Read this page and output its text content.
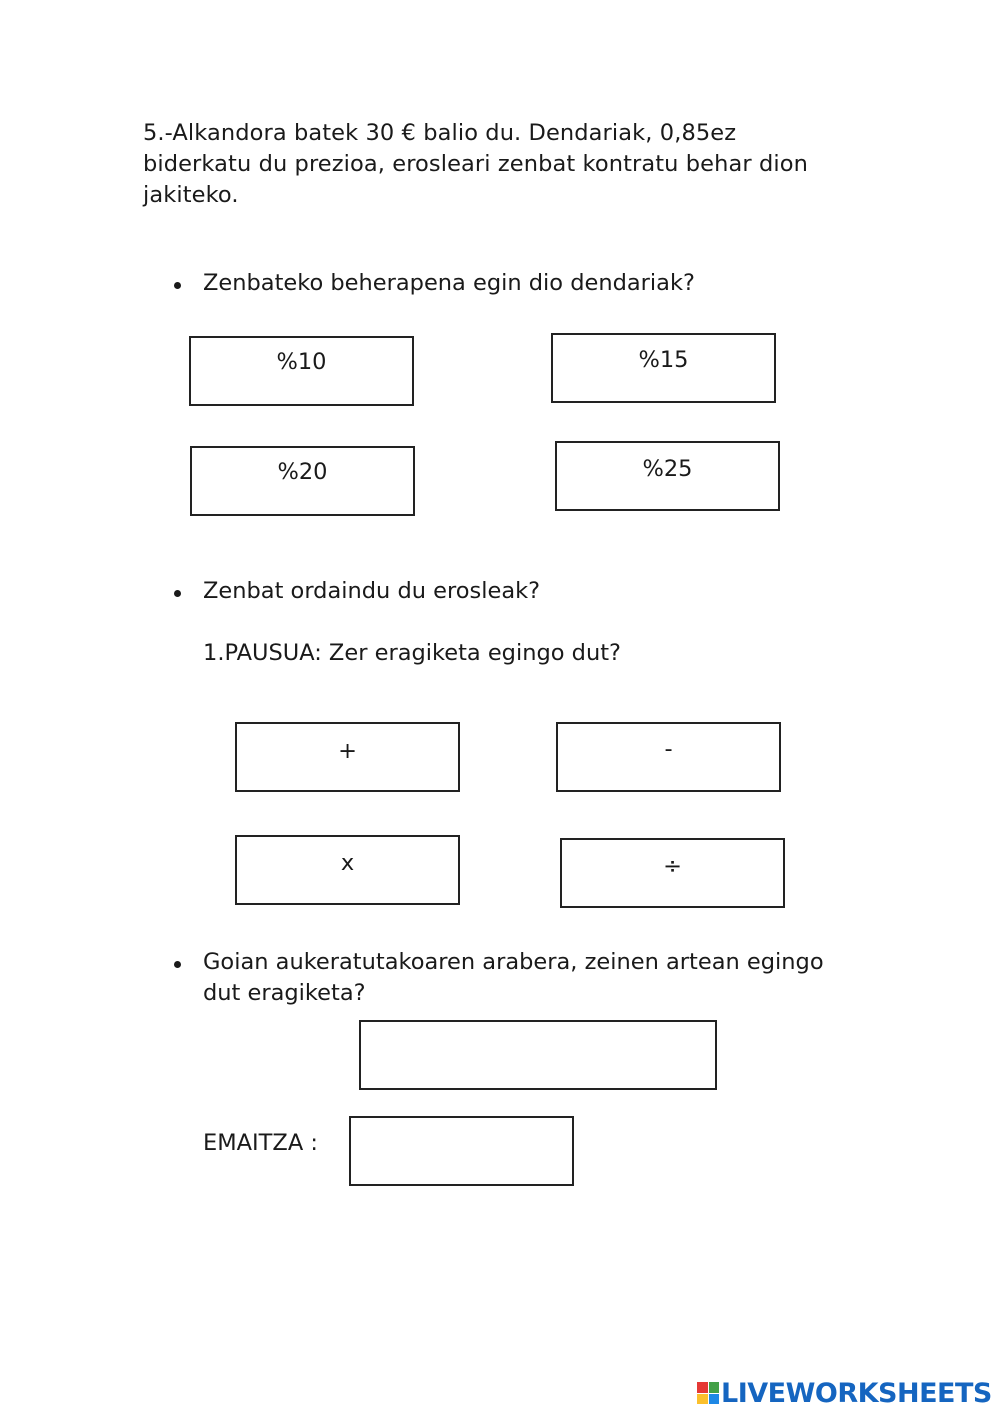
5.-Alkandora batek 30 € balio du. Dendariak, 0,85ez
biderkatu du prezioa, erosleari zenbat kontratu behar dion
jakiteko.
Zenbateko beherapena egin dio dendariak?
%10	%15
%20	%25
Zenbat ordaindu du erosleak?
1.PAUSUA: Zer eragiketa egingo dut?
+	-
x	÷
Goian aukeratutakoaren arabera, zeinen artean egingo
dut eragiketa?
EMAITZA :
LIVEWORKSHEETS
